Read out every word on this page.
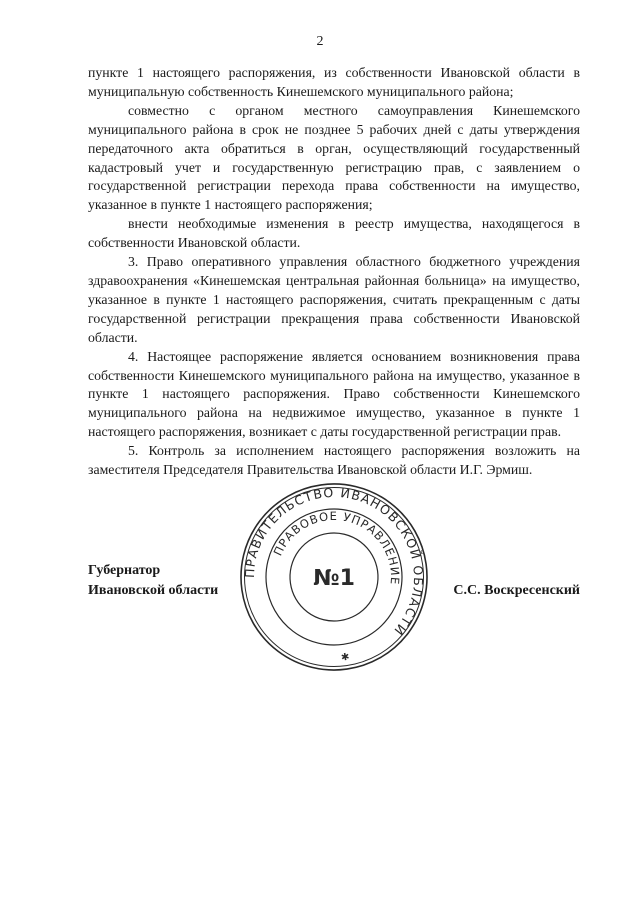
2

пункте 1 настоящего распоряжения, из собственности Ивановской области в муниципальную собственность Кинешемского муниципального района;

совместно с органом местного самоуправления Кинешемского муниципального района в срок не позднее 5 рабочих дней с даты утверждения передаточного акта обратиться в орган, осуществляющий государственный кадастровый учет и государственную регистрацию прав, с заявлением о государственной регистрации перехода права собственности на имущество, указанное в пункте 1 настоящего распоряжения;

внести необходимые изменения в реестр имущества, находящегося в собственности Ивановской области.

3. Право оперативного управления областного бюджетного учреждения здравоохранения «Кинешемская центральная районная больница» на имущество, указанное в пункте 1 настоящего распоряжения, считать прекращенным с даты государственной регистрации прекращения права собственности Ивановской области.

4. Настоящее распоряжение является основанием возникновения права собственности Кинешемского муниципального района на имущество, указанное в пункте 1 настоящего распоряжения. Право собственности Кинешемского муниципального района на недвижимое имущество, указанное в пункте 1 настоящего распоряжения, возникает с даты государственной регистрации прав.

5. Контроль за исполнением настоящего распоряжения возложить на заместителя Председателя Правительства Ивановской области И.Г. Эрмиш.

Губернатор
Ивановской области
ПРАВИТЕЛЬСТВО ИВАНОВСКОЙ ОБЛАСТИ
ПРАВОВОЕ УПРАВЛЕНИЕ
✱
№1	С.С. Воскресенский
